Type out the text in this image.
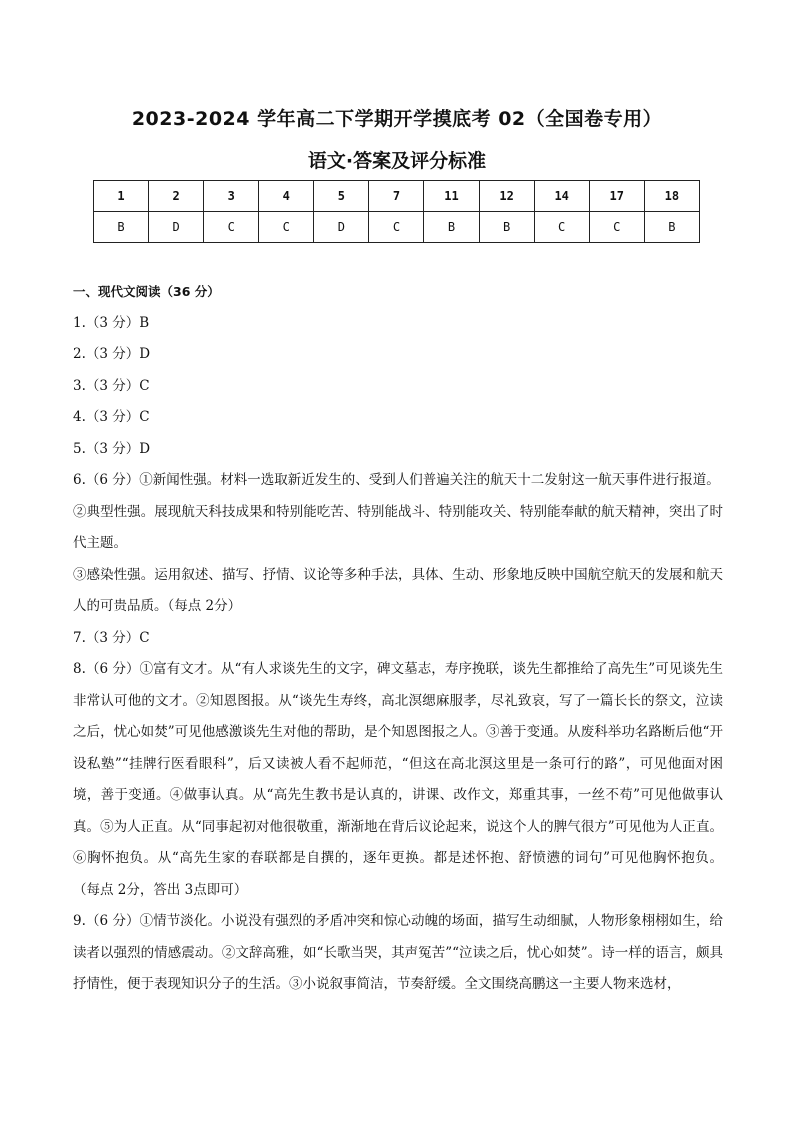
2023-2024 学年高二下学期开学摸底考 02（全国卷专用）
语文·答案及评分标准
1	2	3	4	5	7	11	12	14	17	18
B	D	C	C	D	C	B	B	C	C	B

一、现代文阅读（36 分）

1.（3 分）B

2.（3 分）D

3.（3 分）C

4.（3 分）C

5.（3 分）D

6.（6 分）①新闻性强。材料一选取新近发生的、受到人们普遍关注的航天十二发射这一航天事件进行报道。

②典型性强。展现航天科技成果和特别能吃苦、特别能战斗、特别能攻关、特别能奉献的航天精神，突出了时代主题。

③感染性强。运用叙述、描写、抒情、议论等多种手法，具体、生动、形象地反映中国航空航天的发展和航天人的可贵品质。（每点 2分）

7.（3 分）C

8.（6 分）①富有文才。从“有人求谈先生的文字，碑文墓志，寿序挽联，谈先生都推给了高先生”可见谈先生非常认可他的文才。②知恩图报。从“谈先生寿终，高北溟缌麻服孝，尽礼致哀，写了一篇长长的祭文，泣读之后，忧心如焚”可见他感激谈先生对他的帮助，是个知恩图报之人。③善于变通。从废科举功名路断后他“开设私塾”“挂牌行医看眼科”，后又读被人看不起师范，“但这在高北溟这里是一条可行的路”，可见他面对困境，善于变通。④做事认真。从“高先生教书是认真的，讲课、改作文，郑重其事，一丝不苟”可见他做事认真。⑤为人正直。从“同事起初对他很敬重，渐渐地在背后议论起来，说这个人的脾气很方”可见他为人正直。⑥胸怀抱负。从“高先生家的春联都是自撰的，逐年更换。都是述怀抱、舒愤懑的词句”可见他胸怀抱负。 （每点 2分，答出 3点即可）

9.（6 分）①情节淡化。小说没有强烈的矛盾冲突和惊心动魄的场面，描写生动细腻，人物形象栩栩如生，给读者以强烈的情感震动。②文辞高雅，如“长歌当哭，其声冤苦”“泣读之后，忧心如焚”。诗一样的语言，颇具抒情性，便于表现知识分子的生活。③小说叙事简洁，节奏舒缓。全文围绕高鹏这一主要人物来选材，
